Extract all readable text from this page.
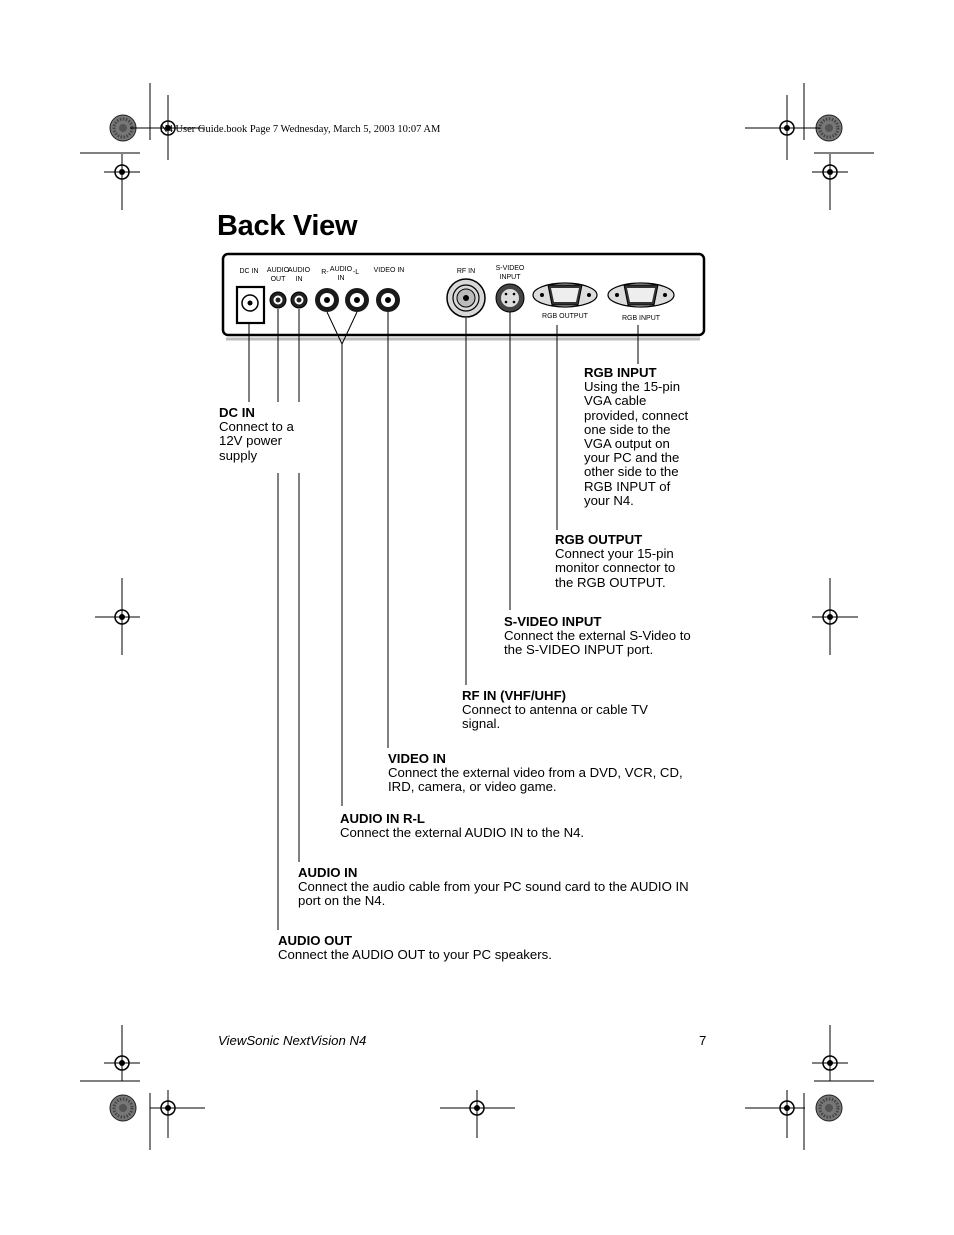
DC IN AUDIO
OUT
AUDIO
IN
R- AUDIO
IN
-L VIDEO IN	RF IN	S-VIDEO
INPUT
RGB OUTPUT	RGB INPUT
N4 User Guide.book Page 7 Wednesday, March 5, 2003 10:07 AM
Back View
RGB INPUT
Using the 15-pin
VGA cable
provided, connect
one side to the
VGA output on
your PC and the
other side to the
RGB INPUT of
your N4.
DC IN
Connect to a
12V power
supply
RGB OUTPUT
Connect your 15-pin
monitor connector to
the RGB OUTPUT.
S-VIDEO INPUT
Connect the external S-Video to
the S-VIDEO INPUT port.
RF IN (VHF/UHF)
Connect to antenna or cable TV
signal.
VIDEO IN
Connect the external video from a DVD, VCR, CD,
IRD, camera, or video game.
AUDIO IN R-L
Connect the external AUDIO IN to the N4.
AUDIO IN
Connect the audio cable from your PC sound card to the AUDIO IN
port on the N4.
AUDIO OUT
Connect the AUDIO OUT to your PC speakers.
ViewSonic NextVision N4	7
